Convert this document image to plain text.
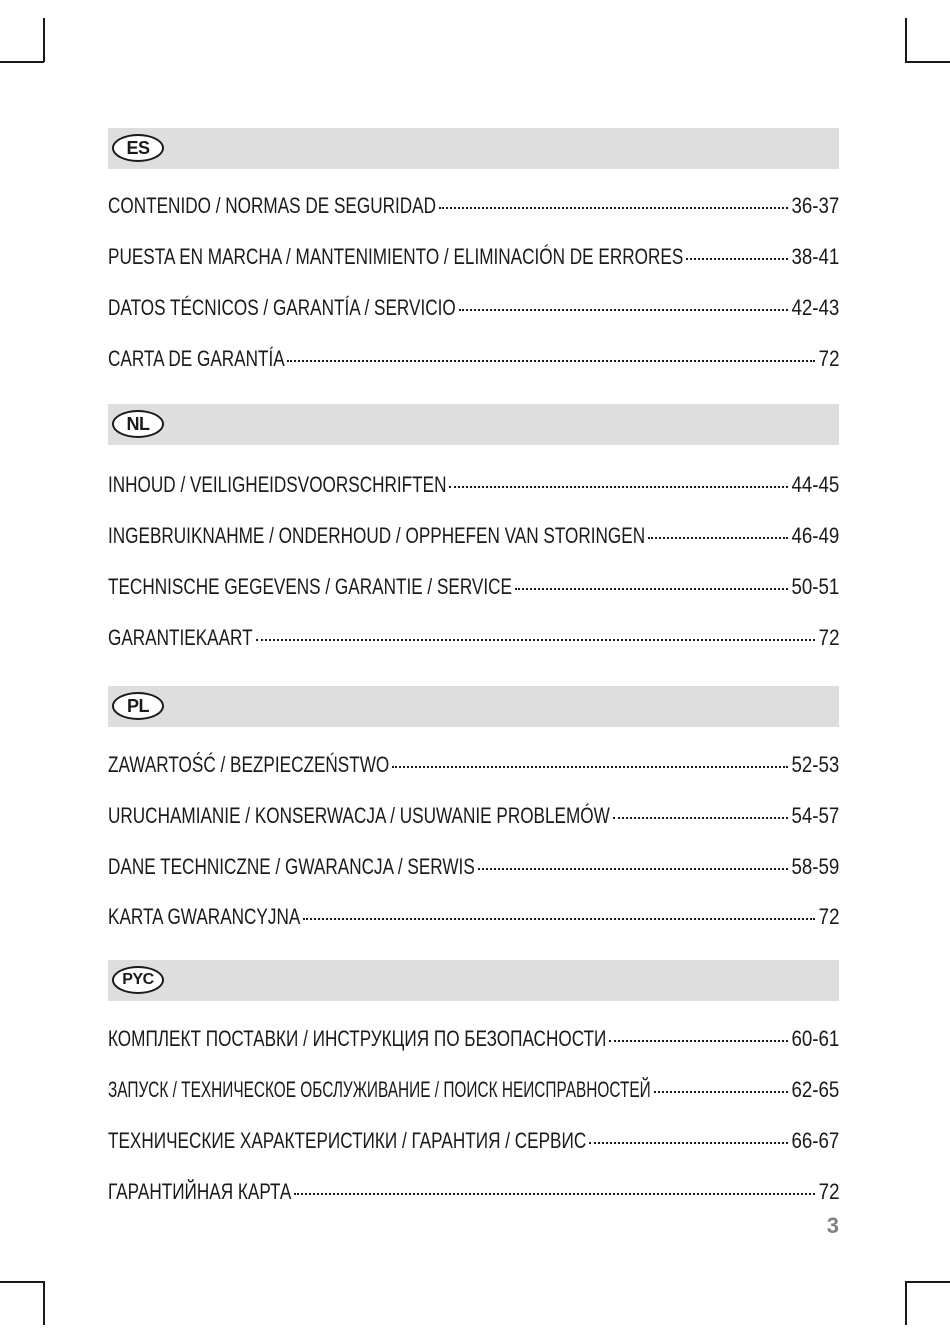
ES
CONTENIDO / NORMAS DE SEGURIDAD	36-37
PUESTA EN MARCHA / MANTENIMIENTO / ELIMINACIÓN DE ERRORES	38-41
DATOS TÉCNICOS / GARANTÍA / SERVICIO	42-43
CARTA DE GARANTÍA	72
NL
INHOUD / VEILIGHEIDSVOORSCHRIFTEN	44-45
INGEBRUIKNAHME / ONDERHOUD / OPPHEFEN VAN STORINGEN	46-49
TECHNISCHE GEGEVENS / GARANTIE / SERVICE	50-51
GARANTIEKAART	72
PL
ZAWARTOŚĆ / BEZPIECZEŃSTWO	52-53
URUCHAMIANIE / KONSERWACJA / USUWANIE PROBLEMÓW	54-57
DANE TECHNICZNE / GWARANCJA / SERWIS	58-59
KARTA GWARANCYJNA	72
PYC
КОМПЛЕКТ ПОСТАВКИ / ИНСТРУКЦИЯ ПО БЕЗОПАСНОСТИ	60-61
ЗАПУСК / ТЕХНИЧЕСКОЕ ОБСЛУЖИВАНИЕ / ПОИСК НЕИСПРАВНОСТЕЙ	62-65
ТЕХНИЧЕСКИЕ ХАРАКТЕРИСТИКИ / ГАРАНТИЯ / СЕРВИС	66-67
ГАРАНТИЙНАЯ КАРТА	72
3
